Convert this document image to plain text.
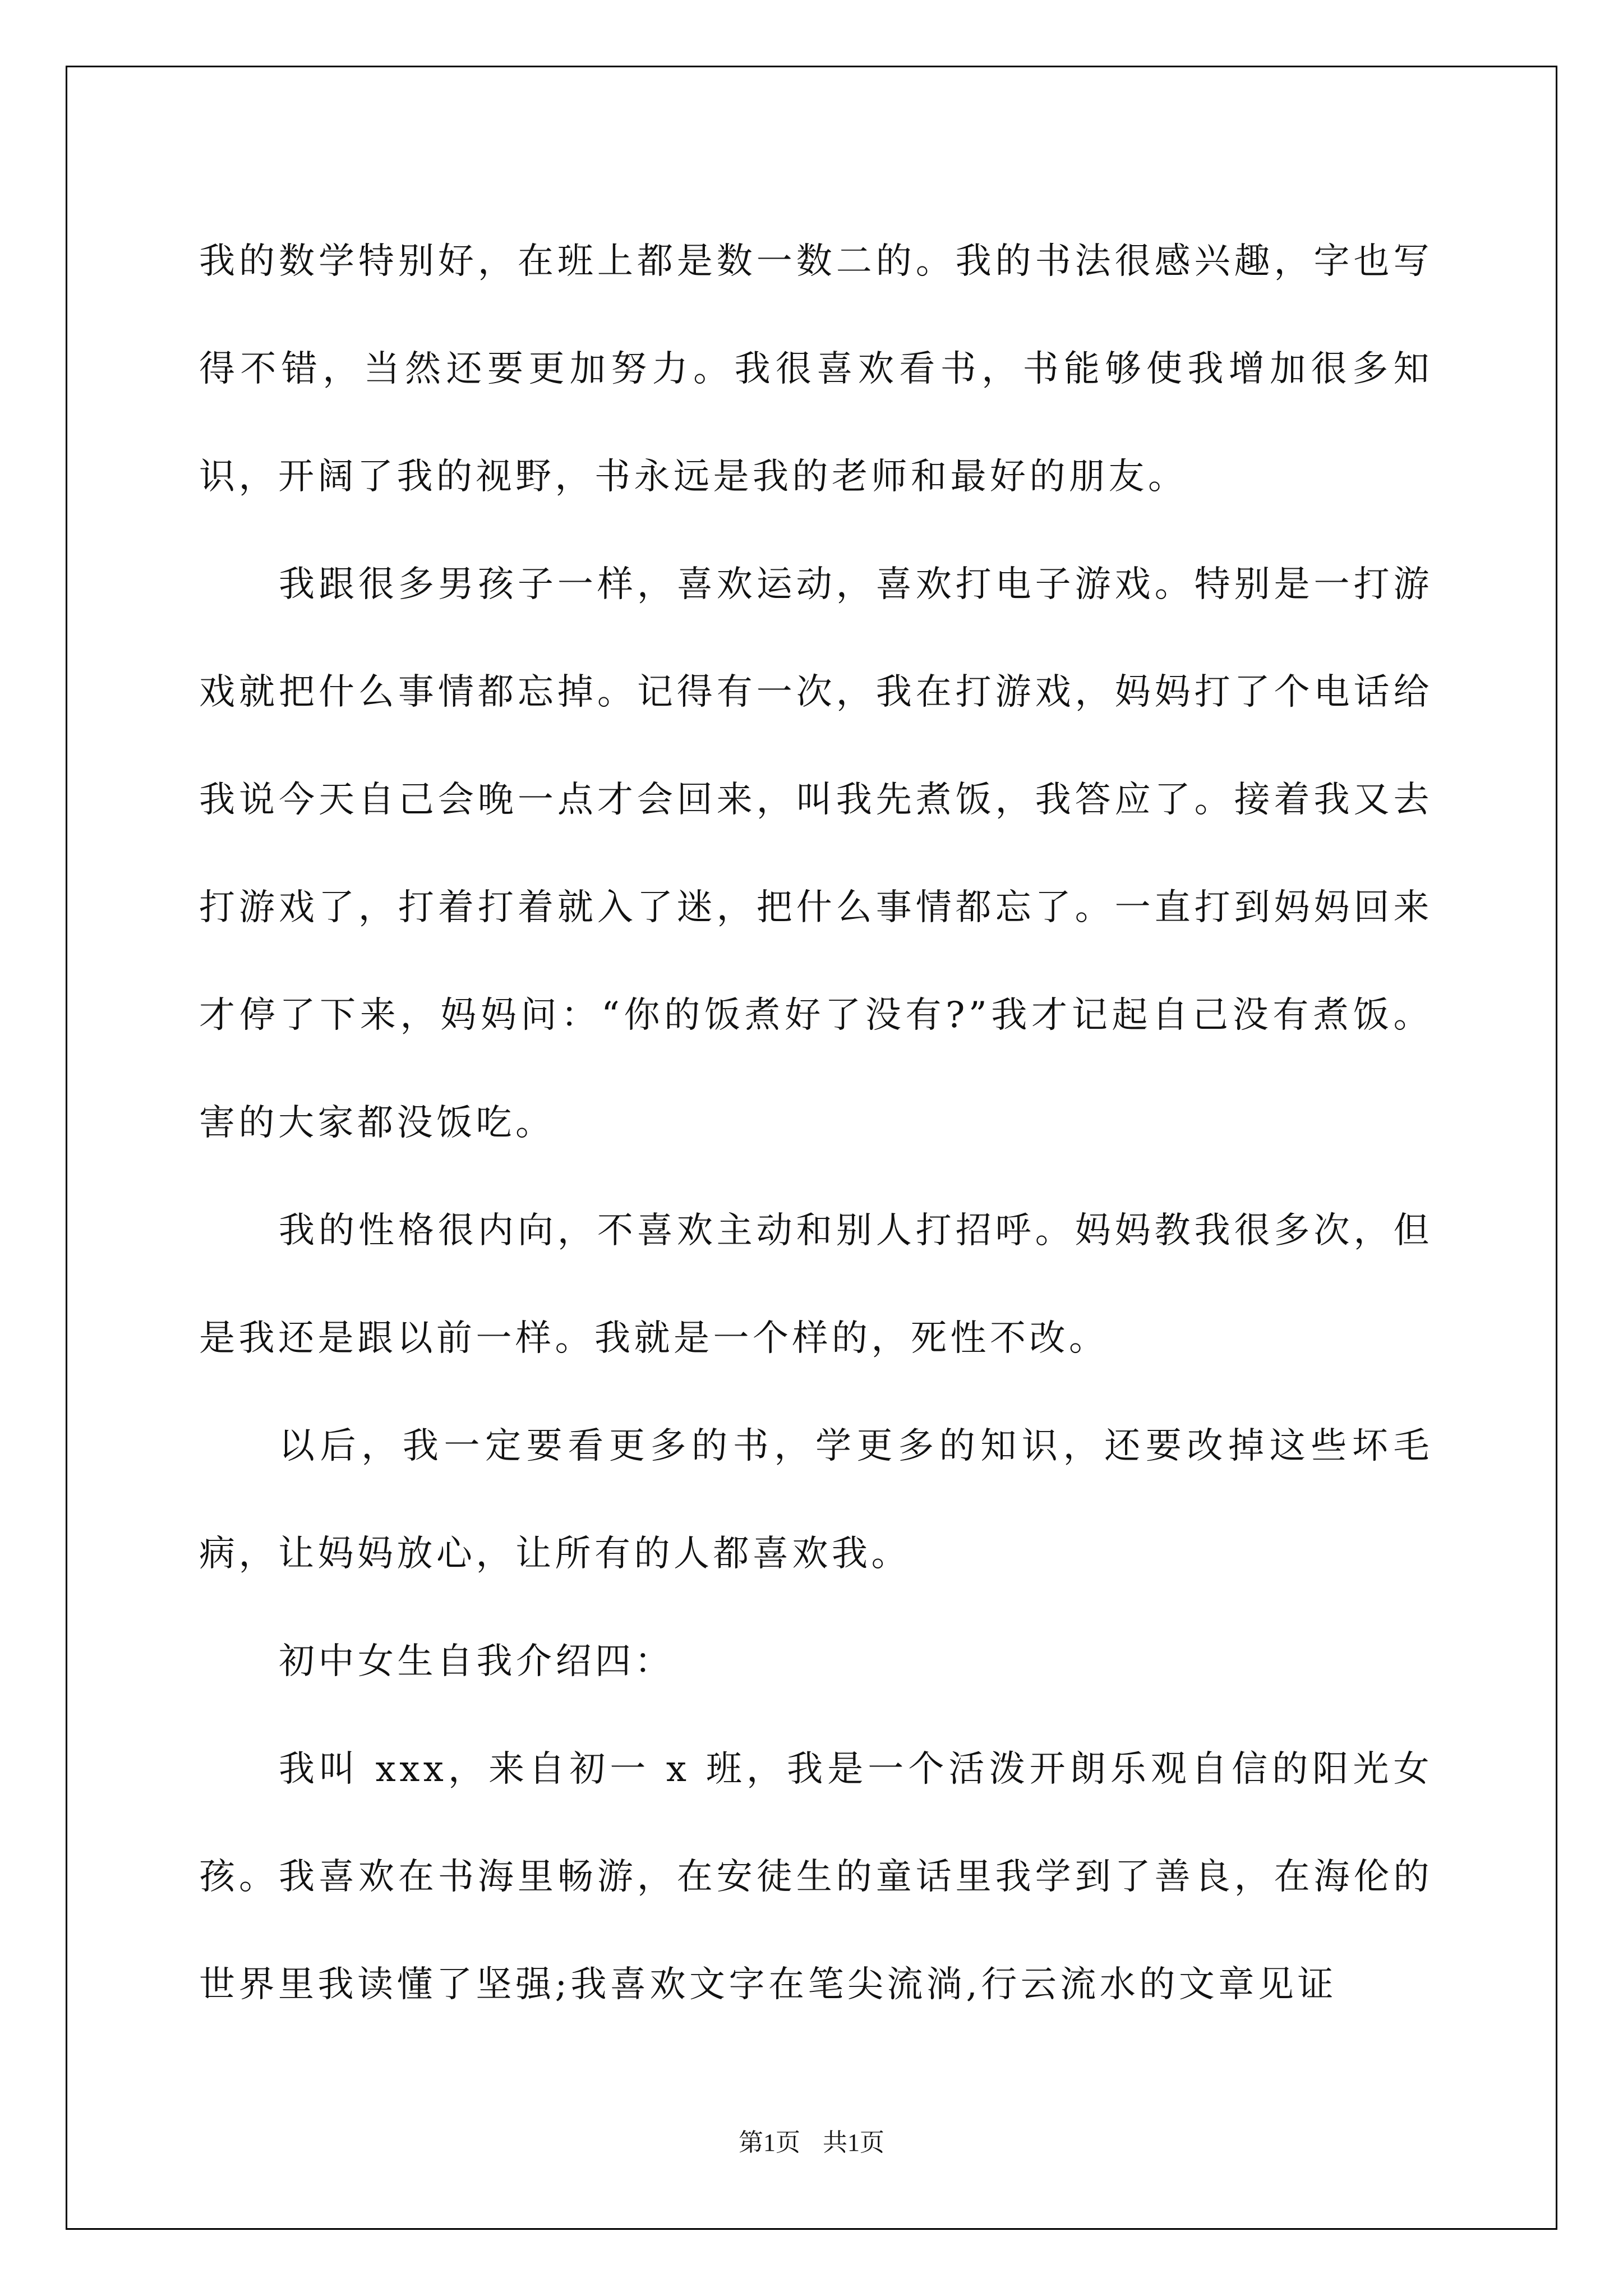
我的数学特别好，在班上都是数一数二的。我的书法很感兴趣，字也写得不错，当然还要更加努力。我很喜欢看书，书能够使我增加很多知识，开阔了我的视野，书永远是我的老师和最好的朋友。

我跟很多男孩子一样，喜欢运动，喜欢打电子游戏。特别是一打游戏就把什么事情都忘掉。记得有一次，我在打游戏，妈妈打了个电话给我说今天自己会晚一点才会回来，叫我先煮饭，我答应了。接着我又去打游戏了，打着打着就入了迷，把什么事情都忘了。一直打到妈妈回来才停了下来，妈妈问：“你的饭煮好了没有?”我才记起自己没有煮饭。害的大家都没饭吃。

我的性格很内向，不喜欢主动和别人打招呼。妈妈教我很多次，但是我还是跟以前一样。我就是一个样的，死性不改。

以后，我一定要看更多的书，学更多的知识，还要改掉这些坏毛病，让妈妈放心，让所有的人都喜欢我。

初中女生自我介绍四：

我叫 xxx，来自初一 x 班，我是一个活泼开朗乐观自信的阳光女孩。我喜欢在书海里畅游，在安徒生的童话里我学到了善良，在海伦的世界里我读懂了坚强;我喜欢文字在笔尖流淌,行云流水的文章见证

第1页 共1页
